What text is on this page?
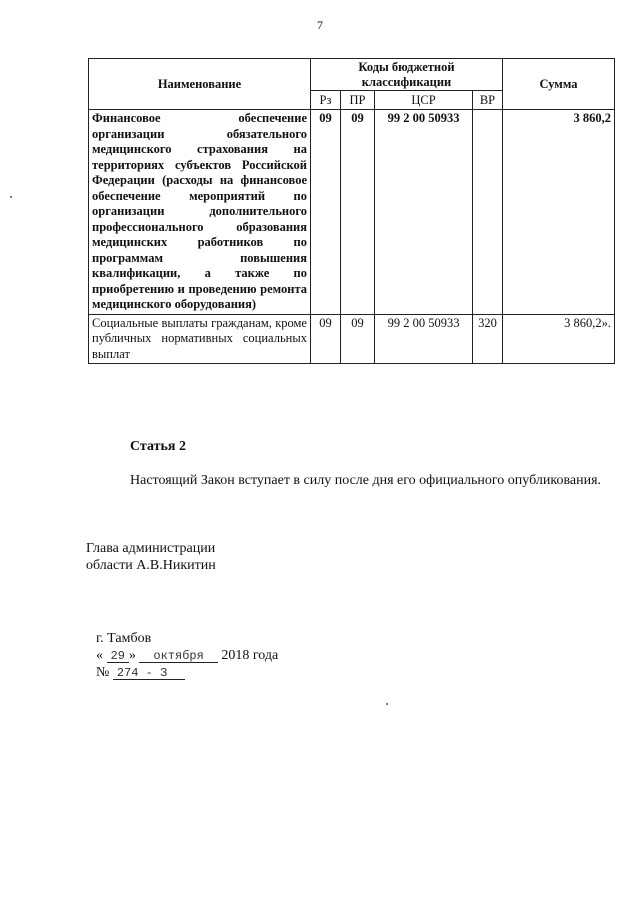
7
Наименование	Коды бюджетной классификации				Сумма
	Рз	ПР	ЦСР	ВР	
Финансовое обеспечение организации обязательного медицинского страхования на территориях субъектов Российской Федерации (расходы на финансовое обеспечение мероприятий по организации дополнительного профессионального образования медицинских работников по программам повышения квалификации, а также по приобретению и проведению ремонта медицинского оборудования)	09	09	99 2 00 50933		3 860,2
Социальные выплаты гражданам, кроме публичных нормативных социальных выплат	09	09	99 2 00 50933	320	3 860,2».
Статья 2
Настоящий Закон вступает в силу после дня его официального опубликования.
Глава администрации
области А.В.Никитин
г. Тамбов
« 29 » октября 2018 года
№ 274 - З
